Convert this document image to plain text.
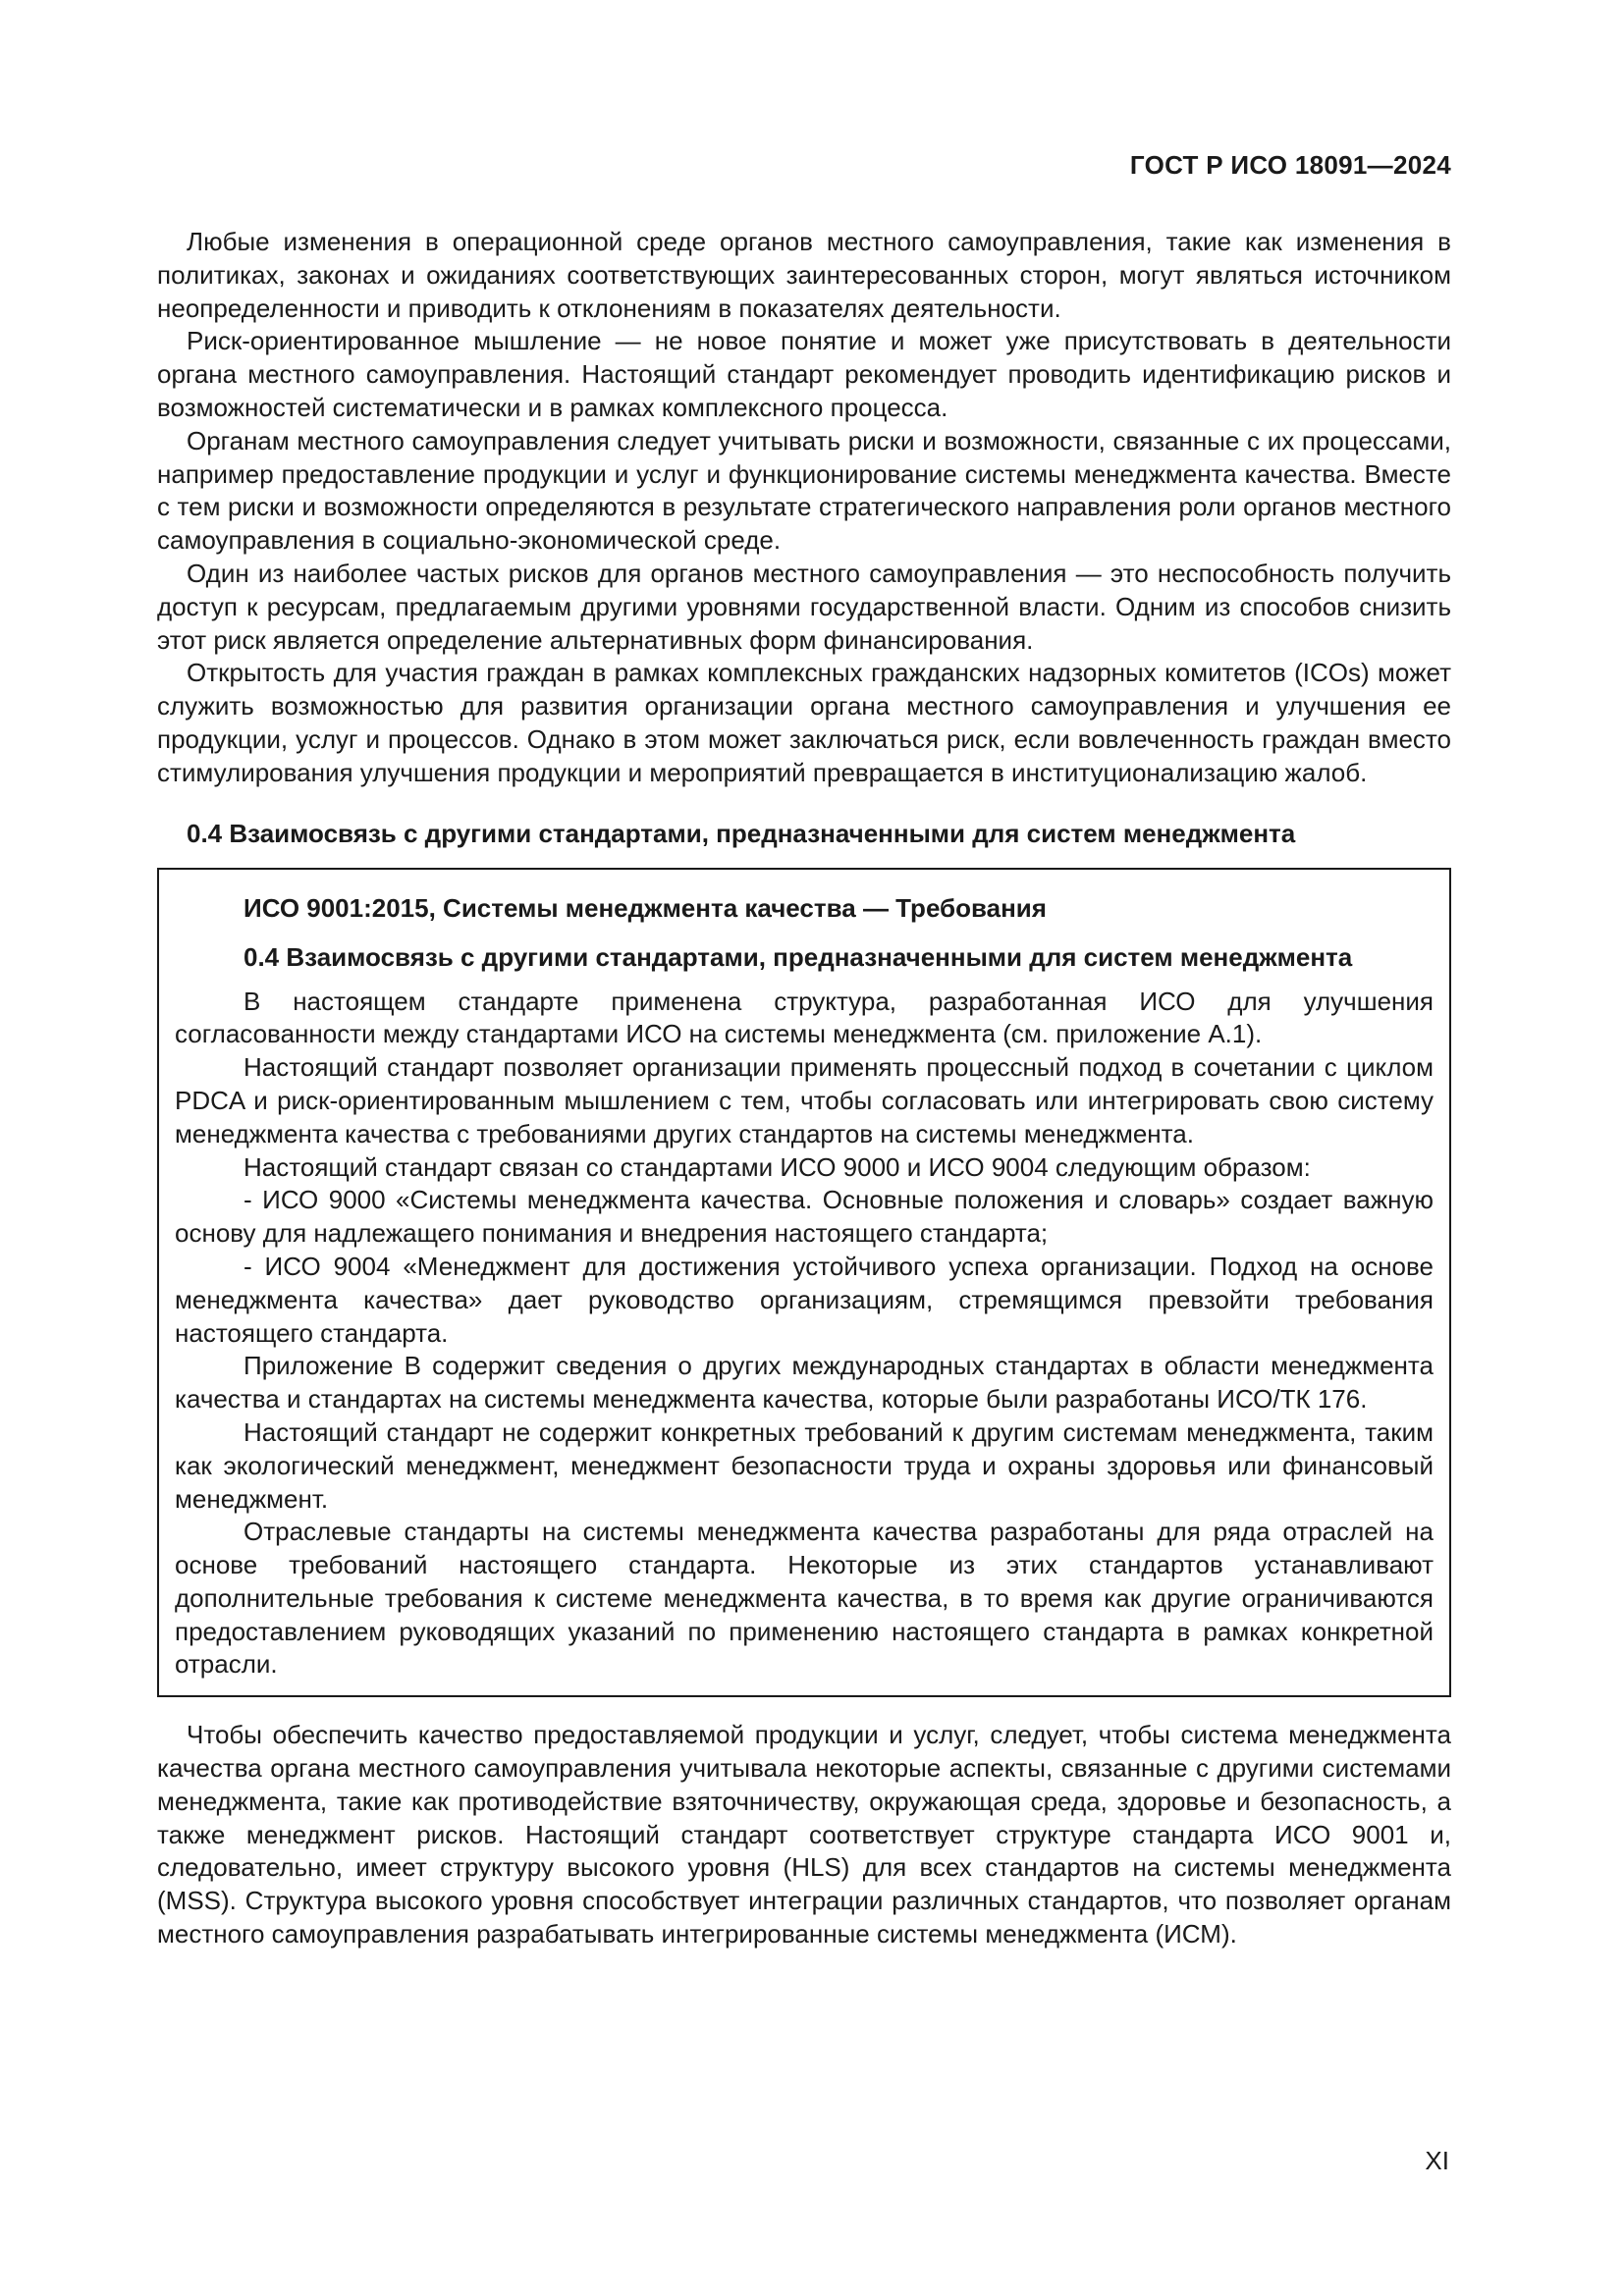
ГОСТ Р ИСО 18091—2024

Любые изменения в операционной среде органов местного самоуправления, такие как изменения в политиках, законах и ожиданиях соответствующих заинтересованных сторон, могут являться источником неопределенности и приводить к отклонениям в показателях деятельности.

Риск-ориентированное мышление — не новое понятие и может уже присутствовать в деятельности органа местного самоуправления. Настоящий стандарт рекомендует проводить идентификацию рисков и возможностей систематически и в рамках комплексного процесса.

Органам местного самоуправления следует учитывать риски и возможности, связанные с их процессами, например предоставление продукции и услуг и функционирование системы менеджмента качества. Вместе с тем риски и возможности определяются в результате стратегического направления роли органов местного самоуправления в социально-экономической среде.

Один из наиболее частых рисков для органов местного самоуправления — это неспособность получить доступ к ресурсам, предлагаемым другими уровнями государственной власти. Одним из способов снизить этот риск является определение альтернативных форм финансирования.

Открытость для участия граждан в рамках комплексных гражданских надзорных комитетов (ICOs) может служить возможностью для развития организации органа местного самоуправления и улучшения ее продукции, услуг и процессов. Однако в этом может заключаться риск, если вовлеченность граждан вместо стимулирования улучшения продукции и мероприятий превращается в институционализацию жалоб.

0.4 Взаимосвязь с другими стандартами, предназначенными для систем менеджмента
ИСО 9001:2015, Системы менеджмента качества — Требования
0.4 Взаимосвязь с другими стандартами, предназначенными для систем менеджмента

В настоящем стандарте применена структура, разработанная ИСО для улучшения согласованности между стандартами ИСО на системы менеджмента (см. приложение А.1).

Настоящий стандарт позволяет организации применять процессный подход в сочетании с циклом PDCA и риск-ориентированным мышлением с тем, чтобы согласовать или интегрировать свою систему менеджмента качества с требованиями других стандартов на системы менеджмента.

Настоящий стандарт связан со стандартами ИСО 9000 и ИСО 9004 следующим образом:

- ИСО 9000 «Системы менеджмента качества. Основные положения и словарь» создает важную основу для надлежащего понимания и внедрения настоящего стандарта;

- ИСО 9004 «Менеджмент для достижения устойчивого успеха организации. Подход на основе менеджмента качества» дает руководство организациям, стремящимся превзойти требования настоящего стандарта.

Приложение В содержит сведения о других международных стандартах в области менеджмента качества и стандартах на системы менеджмента качества, которые были разработаны ИСО/ТК 176.

Настоящий стандарт не содержит конкретных требований к другим системам менеджмента, таким как экологический менеджмент, менеджмент безопасности труда и охраны здоровья или финансовый менеджмент.

Отраслевые стандарты на системы менеджмента качества разработаны для ряда отраслей на основе требований настоящего стандарта. Некоторые из этих стандартов устанавливают дополнительные требования к системе менеджмента качества, в то время как другие ограничиваются предоставлением руководящих указаний по применению настоящего стандарта в рамках конкретной отрасли.

Чтобы обеспечить качество предоставляемой продукции и услуг, следует, чтобы система менеджмента качества органа местного самоуправления учитывала некоторые аспекты, связанные с другими системами менеджмента, такие как противодействие взяточничеству, окружающая среда, здоровье и безопасность, а также менеджмент рисков. Настоящий стандарт соответствует структуре стандарта ИСО 9001 и, следовательно, имеет структуру высокого уровня (HLS) для всех стандартов на системы менеджмента (MSS). Структура высокого уровня способствует интеграции различных стандартов, что позволяет органам местного самоуправления разрабатывать интегрированные системы менеджмента (ИСМ).

XI
